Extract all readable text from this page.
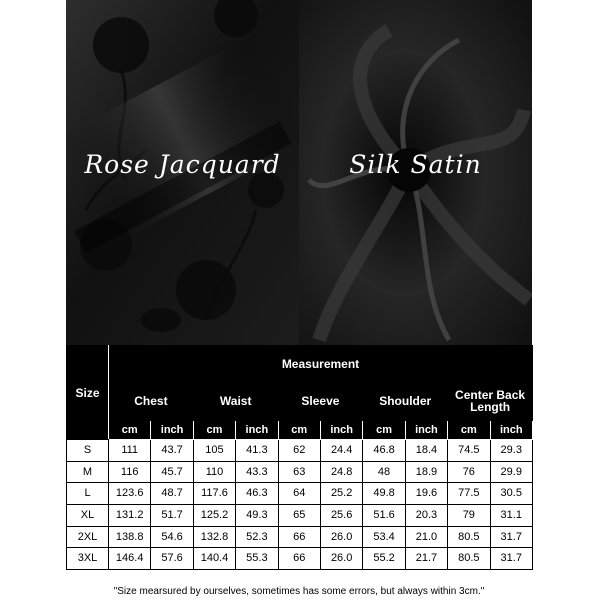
Rose Jacquard	Silk Satin
Size	Measurement									
	Chest		Waist		Sleeve		Shoulder		Center Back Length	
	cm	inch	cm	inch	cm	inch	cm	inch	cm	inch
S	111	43.7	105	41.3	62	24.4	46.8	18.4	74.5	29.3
M	116	45.7	110	43.3	63	24.8	48	18.9	76	29.9
L	123.6	48.7	117.6	46.3	64	25.2	49.8	19.6	77.5	30.5
XL	131.2	51.7	125.2	49.3	65	25.6	51.6	20.3	79	31.1
2XL	138.8	54.6	132.8	52.3	66	26.0	53.4	21.0	80.5	31.7
3XL	146.4	57.6	140.4	55.3	66	26.0	55.2	21.7	80.5	31.7
"Size mearsured by ourselves, sometimes has some errors, but always within 3cm."
